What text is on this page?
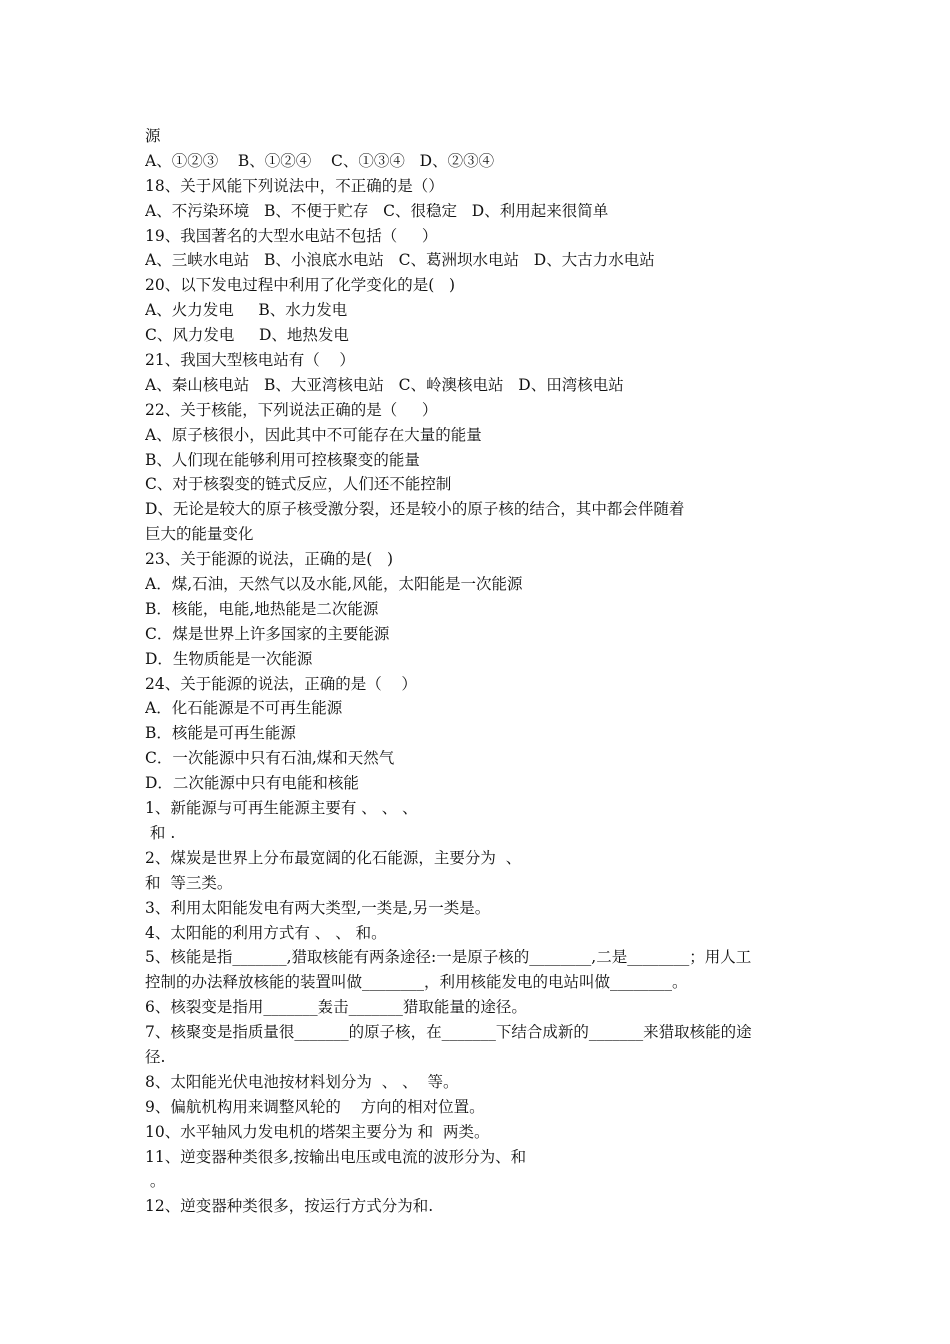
源
A、①②③    B、①②④    C、①③④   D、②③④
18、关于风能下列说法中，不正确的是（）
A、不污染环境   B、不便于贮存   C、很稳定   D、利用起来很简单
19、我国著名的大型水电站不包括（     ）
A、三峡水电站   B、小浪底水电站   C、葛洲坝水电站   D、大古力水电站
20、以下发电过程中利用了化学变化的是(   )
A、火力发电     B、水力发电
C、风力发电     D、地热发电
21、我国大型核电站有（    ）
A、秦山核电站   B、大亚湾核电站   C、岭澳核电站   D、田湾核电站
22、关于核能，下列说法正确的是（     ）
A、原子核很小，因此其中不可能存在大量的能量
B、人们现在能够利用可控核聚变的能量
C、对于核裂变的链式反应，人们还不能控制
D、无论是较大的原子核受激分裂，还是较小的原子核的结合，其中都会伴随着
巨大的能量变化
23、关于能源的说法，正确的是(   )
A．煤,石油，天然气以及水能,风能，太阳能是一次能源
B．核能，电能,地热能是二次能源
C．煤是世界上许多国家的主要能源
D．生物质能是一次能源
24、关于能源的说法，正确的是（    ）
A．化石能源是不可再生能源
B．核能是可再生能源
C．一次能源中只有石油,煤和天然气
D．二次能源中只有电能和核能
1、新能源与可再生能源主要有 、 、 、
和 .
2、煤炭是世界上分布最宽阔的化石能源，主要分为  、
和  等三类。
3、利用太阳能发电有两大类型,一类是,另一类是。
4、太阳能的利用方式有 、 、 和。
5、核能是指_______,猎取核能有两条途径:一是原子核的________,二是________；用人工
控制的办法释放核能的装置叫做________，利用核能发电的电站叫做________。
6、核裂变是指用_______轰击_______猎取能量的途径。
7、核聚变是指质量很_______的原子核，在_______下结合成新的_______来猎取核能的途
径.
8、太阳能光伏电池按材料划分为  、 、  等。
9、偏航机构用来调整风轮的    方向的相对位置。
10、水平轴风力发电机的塔架主要分为 和  两类。
11、逆变器种类很多,按输出电压或电流的波形分为、和
。
12、逆变器种类很多，按运行方式分为和.
